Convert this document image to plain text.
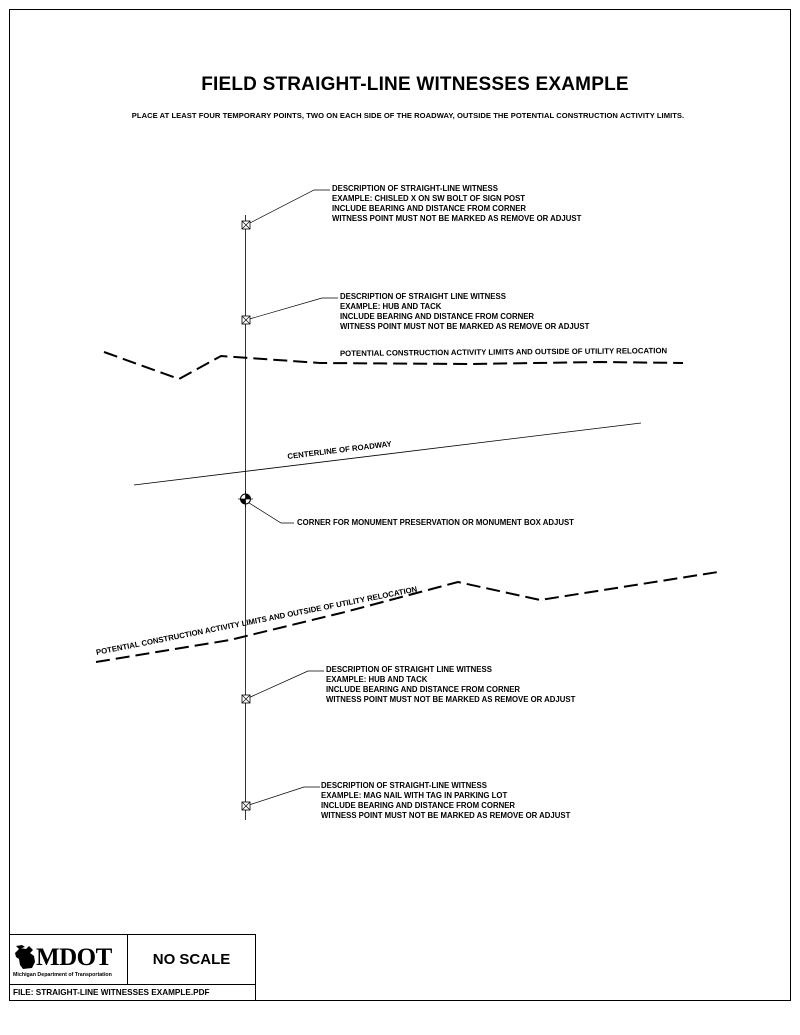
FIELD STRAIGHT-LINE WITNESSES EXAMPLE
PLACE AT LEAST FOUR TEMPORARY POINTS, TWO ON EACH SIDE OF THE ROADWAY, OUTSIDE THE POTENTIAL CONSTRUCTION ACTIVITY LIMITS.
DESCRIPTION OF STRAIGHT-LINE WITNESS
EXAMPLE: CHISLED X ON SW BOLT OF SIGN POST
INCLUDE BEARING AND DISTANCE FROM CORNER
WITNESS POINT MUST NOT BE MARKED AS REMOVE OR ADJUST
DESCRIPTION OF STRAIGHT LINE WITNESS
EXAMPLE: HUB AND TACK
INCLUDE BEARING AND DISTANCE FROM CORNER
WITNESS POINT MUST NOT BE MARKED AS REMOVE OR ADJUST
DESCRIPTION OF STRAIGHT LINE WITNESS
EXAMPLE: HUB AND TACK
INCLUDE BEARING AND DISTANCE FROM CORNER
WITNESS POINT MUST NOT BE MARKED AS REMOVE OR ADJUST
DESCRIPTION OF STRAIGHT-LINE WITNESS
EXAMPLE: MAG NAIL WITH TAG IN PARKING LOT
INCLUDE BEARING AND DISTANCE FROM CORNER
WITNESS POINT MUST NOT BE MARKED AS REMOVE OR ADJUST
POTENTIAL CONSTRUCTION ACTIVITY LIMITS AND OUTSIDE OF UTILITY RELOCATION
CENTERLINE OF ROADWAY
CORNER FOR MONUMENT PRESERVATION OR MONUMENT BOX ADJUST
POTENTIAL CONSTRUCTION ACTIVITY LIMITS AND OUTSIDE OF UTILITY RELOCATION
MDOT
Michigan Department of Transportation
NO SCALE
FILE: STRAIGHT-LINE WITNESSES EXAMPLE.PDF
